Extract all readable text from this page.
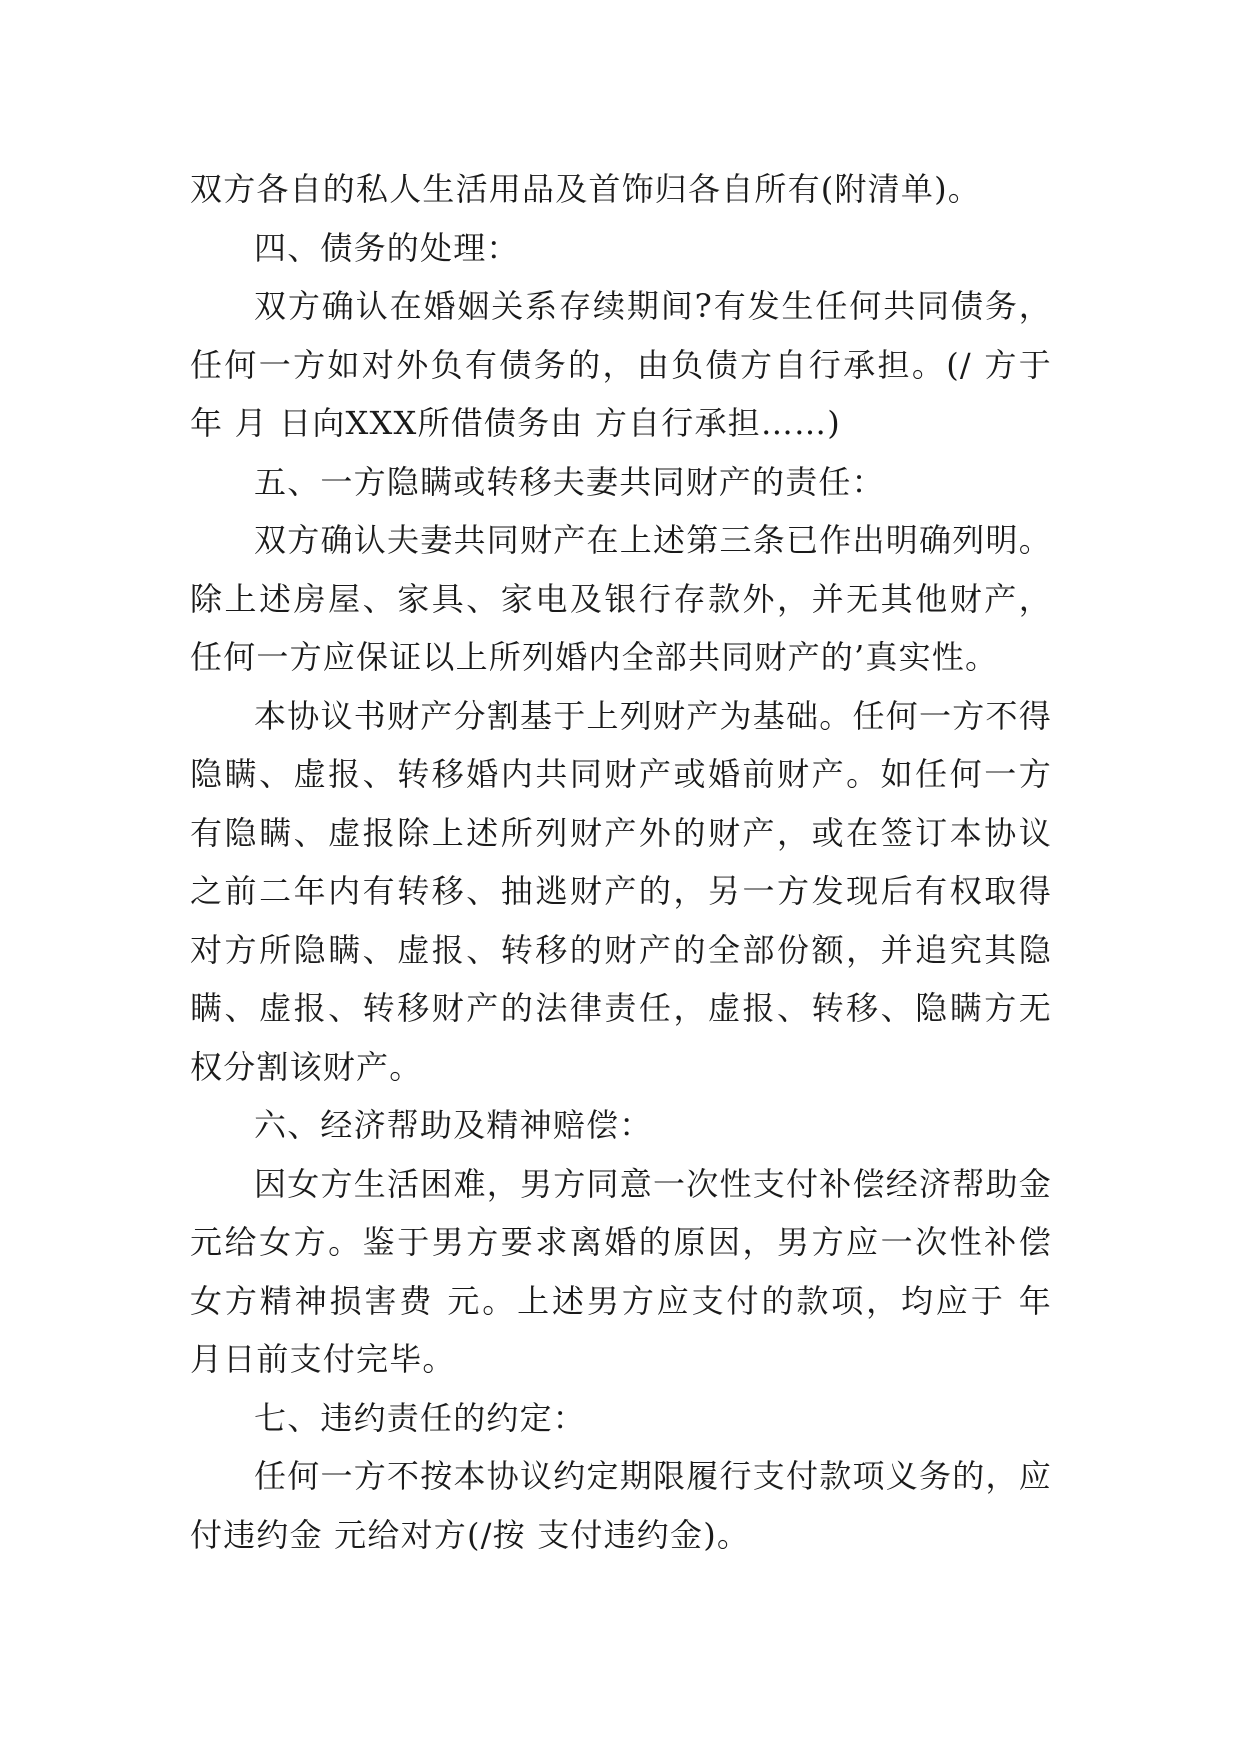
双方各自的私人生活用品及首饰归各自所有(附清单)。

四、债务的处理：

双方确认在婚姻关系存续期间?有发生任何共同债务，任何一方如对外负有债务的，由负债方自行承担。(/ 方于 年 月 日向XXX所借债务由 方自行承担……)

五、一方隐瞒或转移夫妻共同财产的责任：

双方确认夫妻共同财产在上述第三条已作出明确列明。除上述房屋、家具、家电及银行存款外，并无其他财产，任何一方应保证以上所列婚内全部共同财产的’真实性。

本协议书财产分割基于上列财产为基础。任何一方不得隐瞒、虚报、转移婚内共同财产或婚前财产。如任何一方有隐瞒、虚报除上述所列财产外的财产，或在签订本协议之前二年内有转移、抽逃财产的，另一方发现后有权取得对方所隐瞒、虚报、转移的财产的全部份额，并追究其隐瞒、虚报、转移财产的法律责任，虚报、转移、隐瞒方无权分割该财产。

六、经济帮助及精神赔偿：

因女方生活困难，男方同意一次性支付补偿经济帮助金元给女方。鉴于男方要求离婚的原因，男方应一次性补偿女方精神损害费 元。上述男方应支付的款项，均应于 年 月日前支付完毕。

七、违约责任的约定：

任何一方不按本协议约定期限履行支付款项义务的，应付违约金 元给对方(/按 支付违约金)。
